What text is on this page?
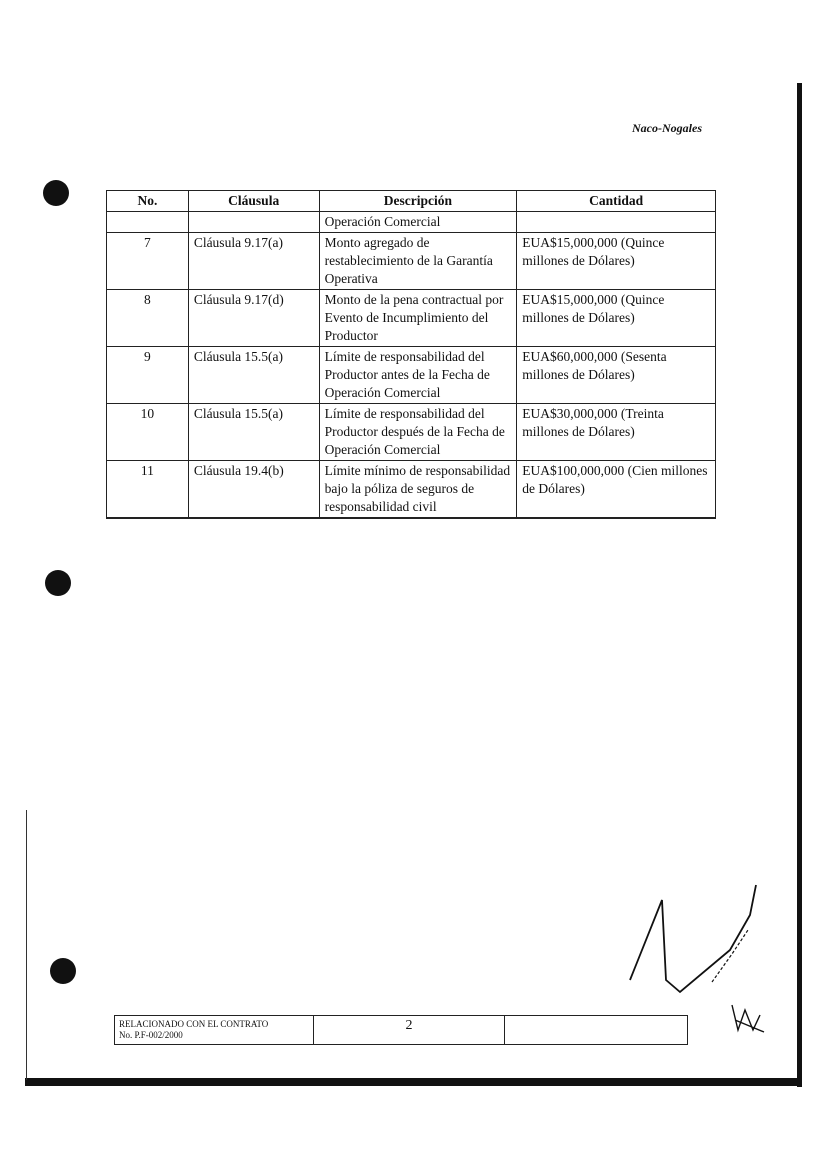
Naco-Nogales
No.	Cláusula	Descripción	Cantidad
		Operación Comercial	
7	Cláusula 9.17(a)	Monto agregado de restablecimiento de la Garantía Operativa	EUA$15,000,000 (Quince millones de Dólares)
8	Cláusula 9.17(d)	Monto de la pena contractual por Evento de Incumplimiento del Productor	EUA$15,000,000 (Quince millones de Dólares)
9	Cláusula 15.5(a)	Límite de responsabilidad del Productor antes de la Fecha de Operación Comercial	EUA$60,000,000 (Sesenta millones de Dólares)
10	Cláusula 15.5(a)	Límite de responsabilidad del Productor después de la Fecha de Operación Comercial	EUA$30,000,000 (Treinta millones de Dólares)
11	Cláusula 19.4(b)	Límite mínimo de responsabilidad bajo la póliza de seguros de responsabilidad civil	EUA$100,000,000 (Cien millones de Dólares)
RELACIONADO CON EL CONTRATO
No. P.F-002/2000
2
